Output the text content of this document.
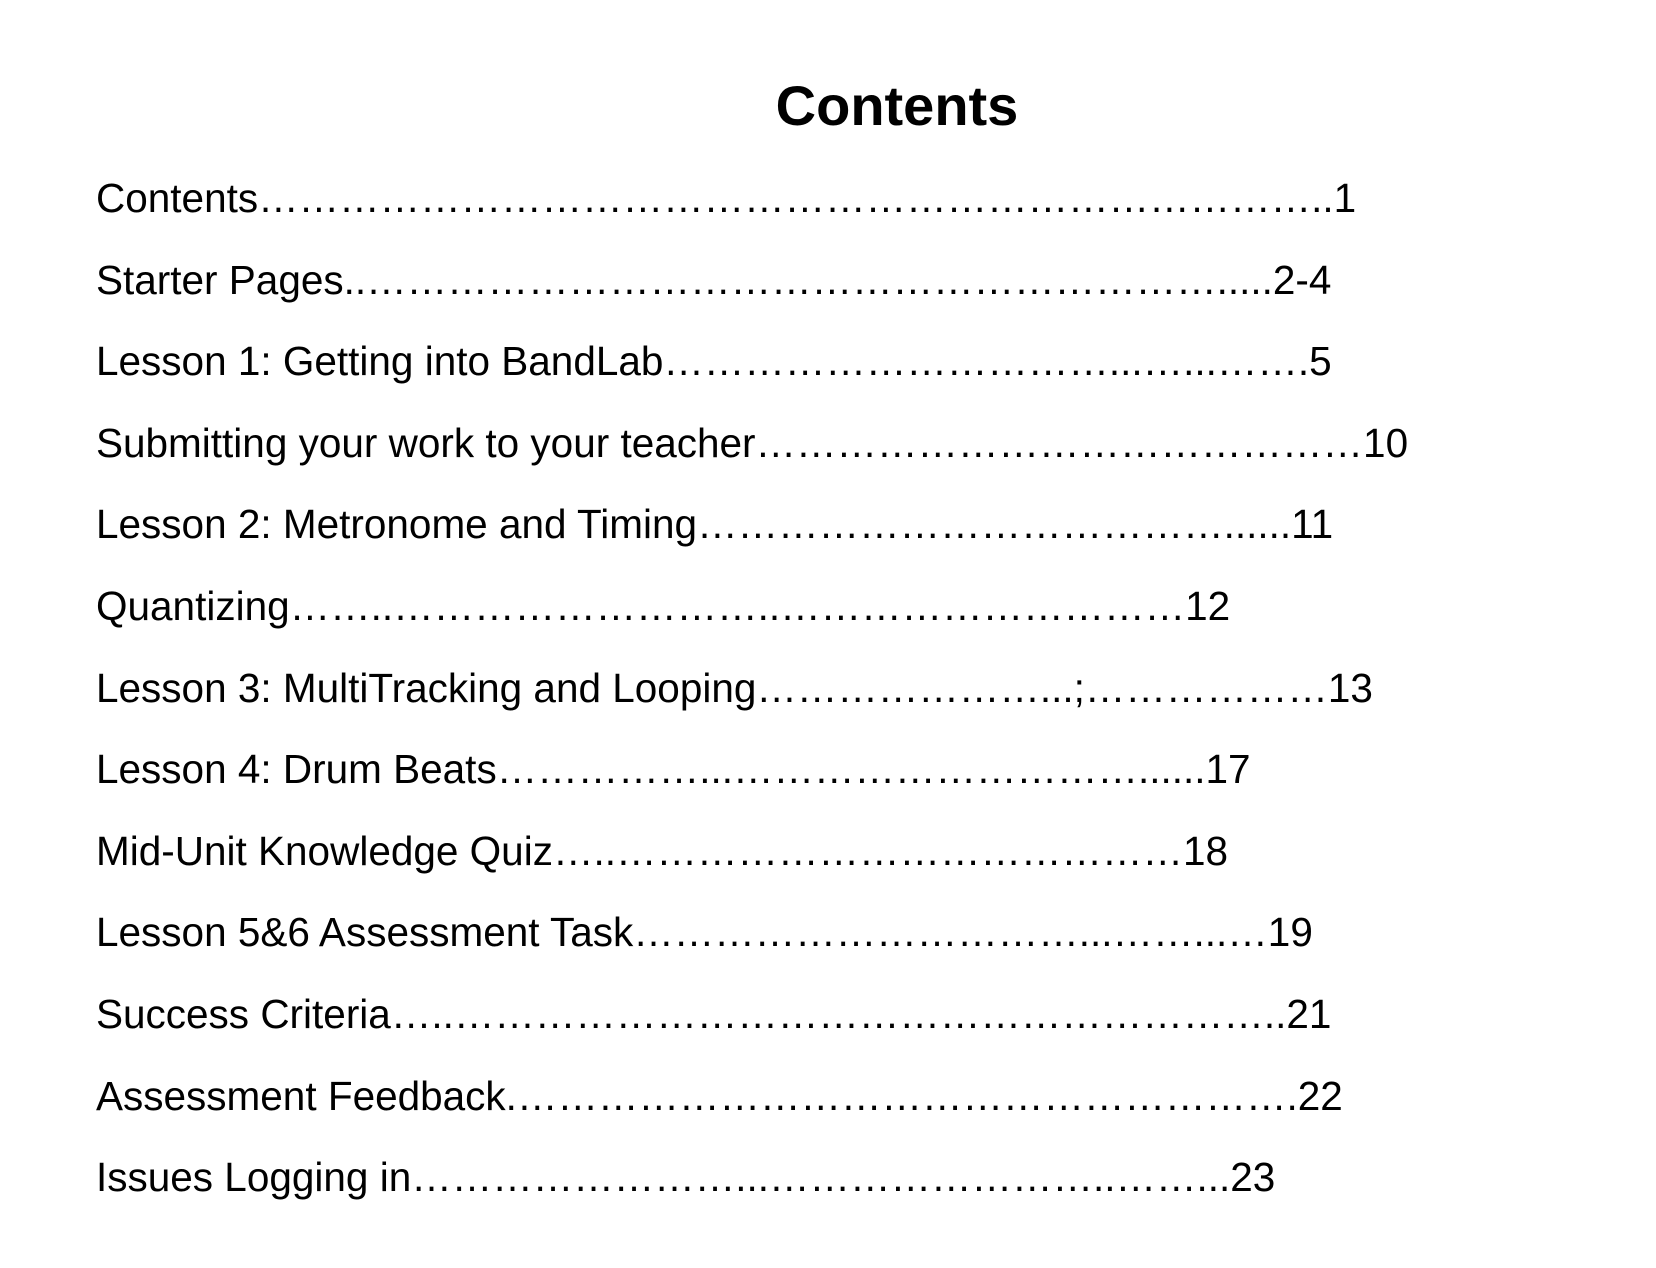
Contents
Contents……………………………………………………………………..1
Starter Pages..……………………………………………………….....2-4
Lesson 1: Getting into BandLab……………………………...…...…….5
Submitting your work to your teacher………………………………………10
Lesson 2: Metronome and Timing…………………………………......11
Quantizing……..………………………..…………………………12
Lesson 3: MultiTracking and Looping…………………...;………………13
Lesson 4: Drum Beats……………...…………………………......17
Mid-Unit Knowledge Quiz…..……………………………………18
Lesson 5&6 Assessment Task……………………………...……...…19
Success Criteria…..……………………………………………………..21
Assessment Feedback.………………………………………………….22
Issues Logging in……………………...……………………..……...23
